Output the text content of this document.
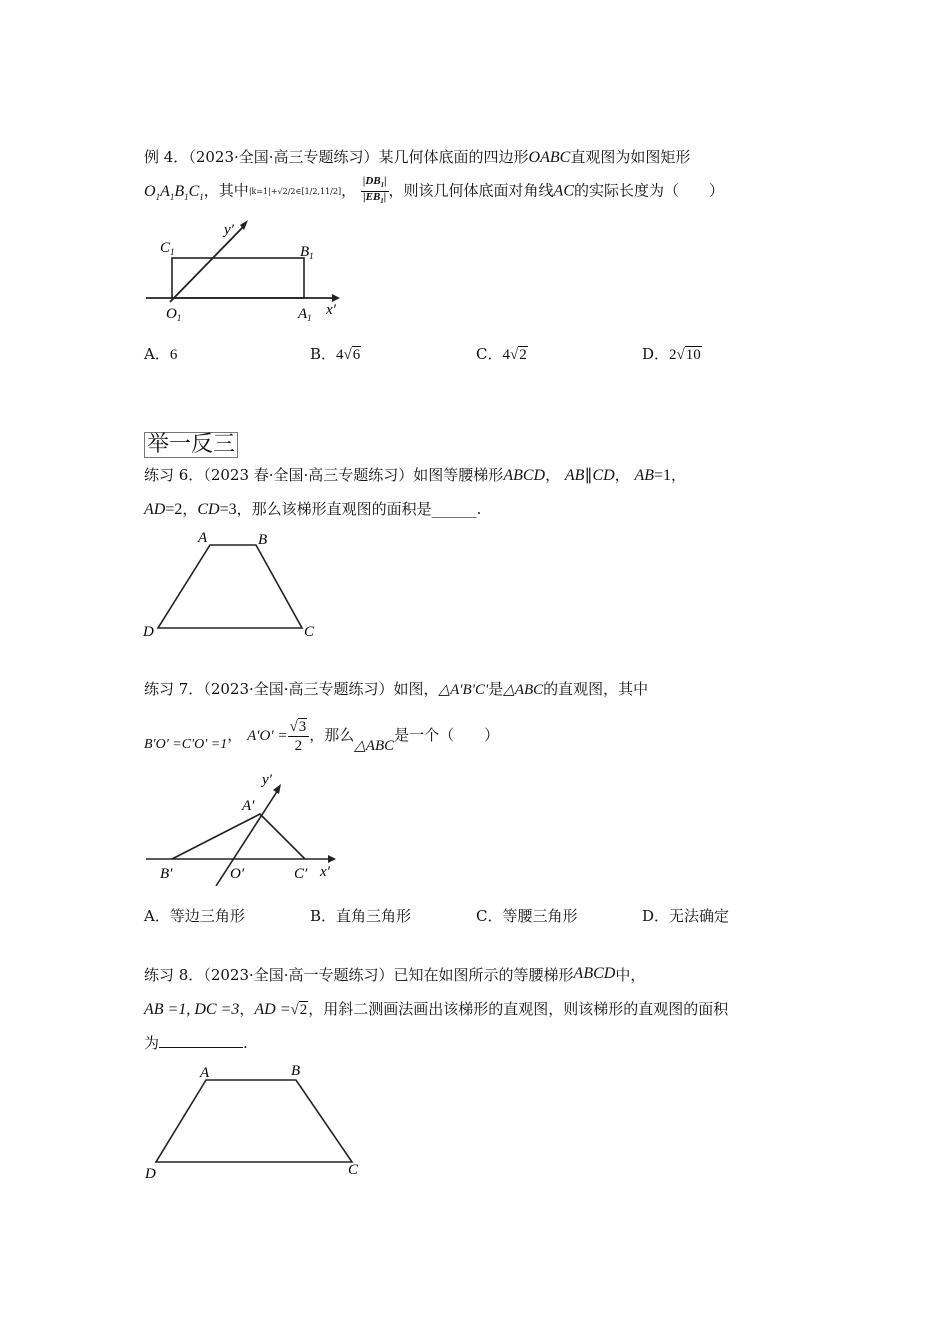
例 4．（2023·全国·高三专题练习）某几何体底面的四边形OABC直观图为如图矩形
$O_1A_1B_1C_1$，其中|k=1|+√2/2∈[1/2,11/2]， $\frac{|DB_1|}{|EB_1|}$ ，则该几何体底面对角线AC的实际长度为（　　）
$C_1$	$B_1$
$O_1$	$A_1$
y′
x′
A．6	B．4√6	C．4√2	D．2√10
举一反三
练习 6．（2023 春·全国·高三专题练习）如图等腰梯形ABCD， AB∥CD， AB=1，
AD=2，CD=3，那么该梯形直观图的面积是______.
A	B
C
D
练习 7．（2023·全国·高三专题练习）如图，△A′B′C′是△ABC的直观图，其中
B′O′ =C′O′ =1， $A'O' = \frac{√3}{2}$ ，那么△ABC是一个（　　）
A′
B′	O′	C′ x′
y′
A．等边三角形	B．直角三角形	C．等腰三角形	D．无法确定
练习 8．（2023·全国·高一专题练习）已知在如图所示的等腰梯形ABCD中，
AB =1, DC =3，AD =√2，用斜二测画法画出该梯形的直观图，则该梯形的直观图的面积
为	.
A	B
C
D
